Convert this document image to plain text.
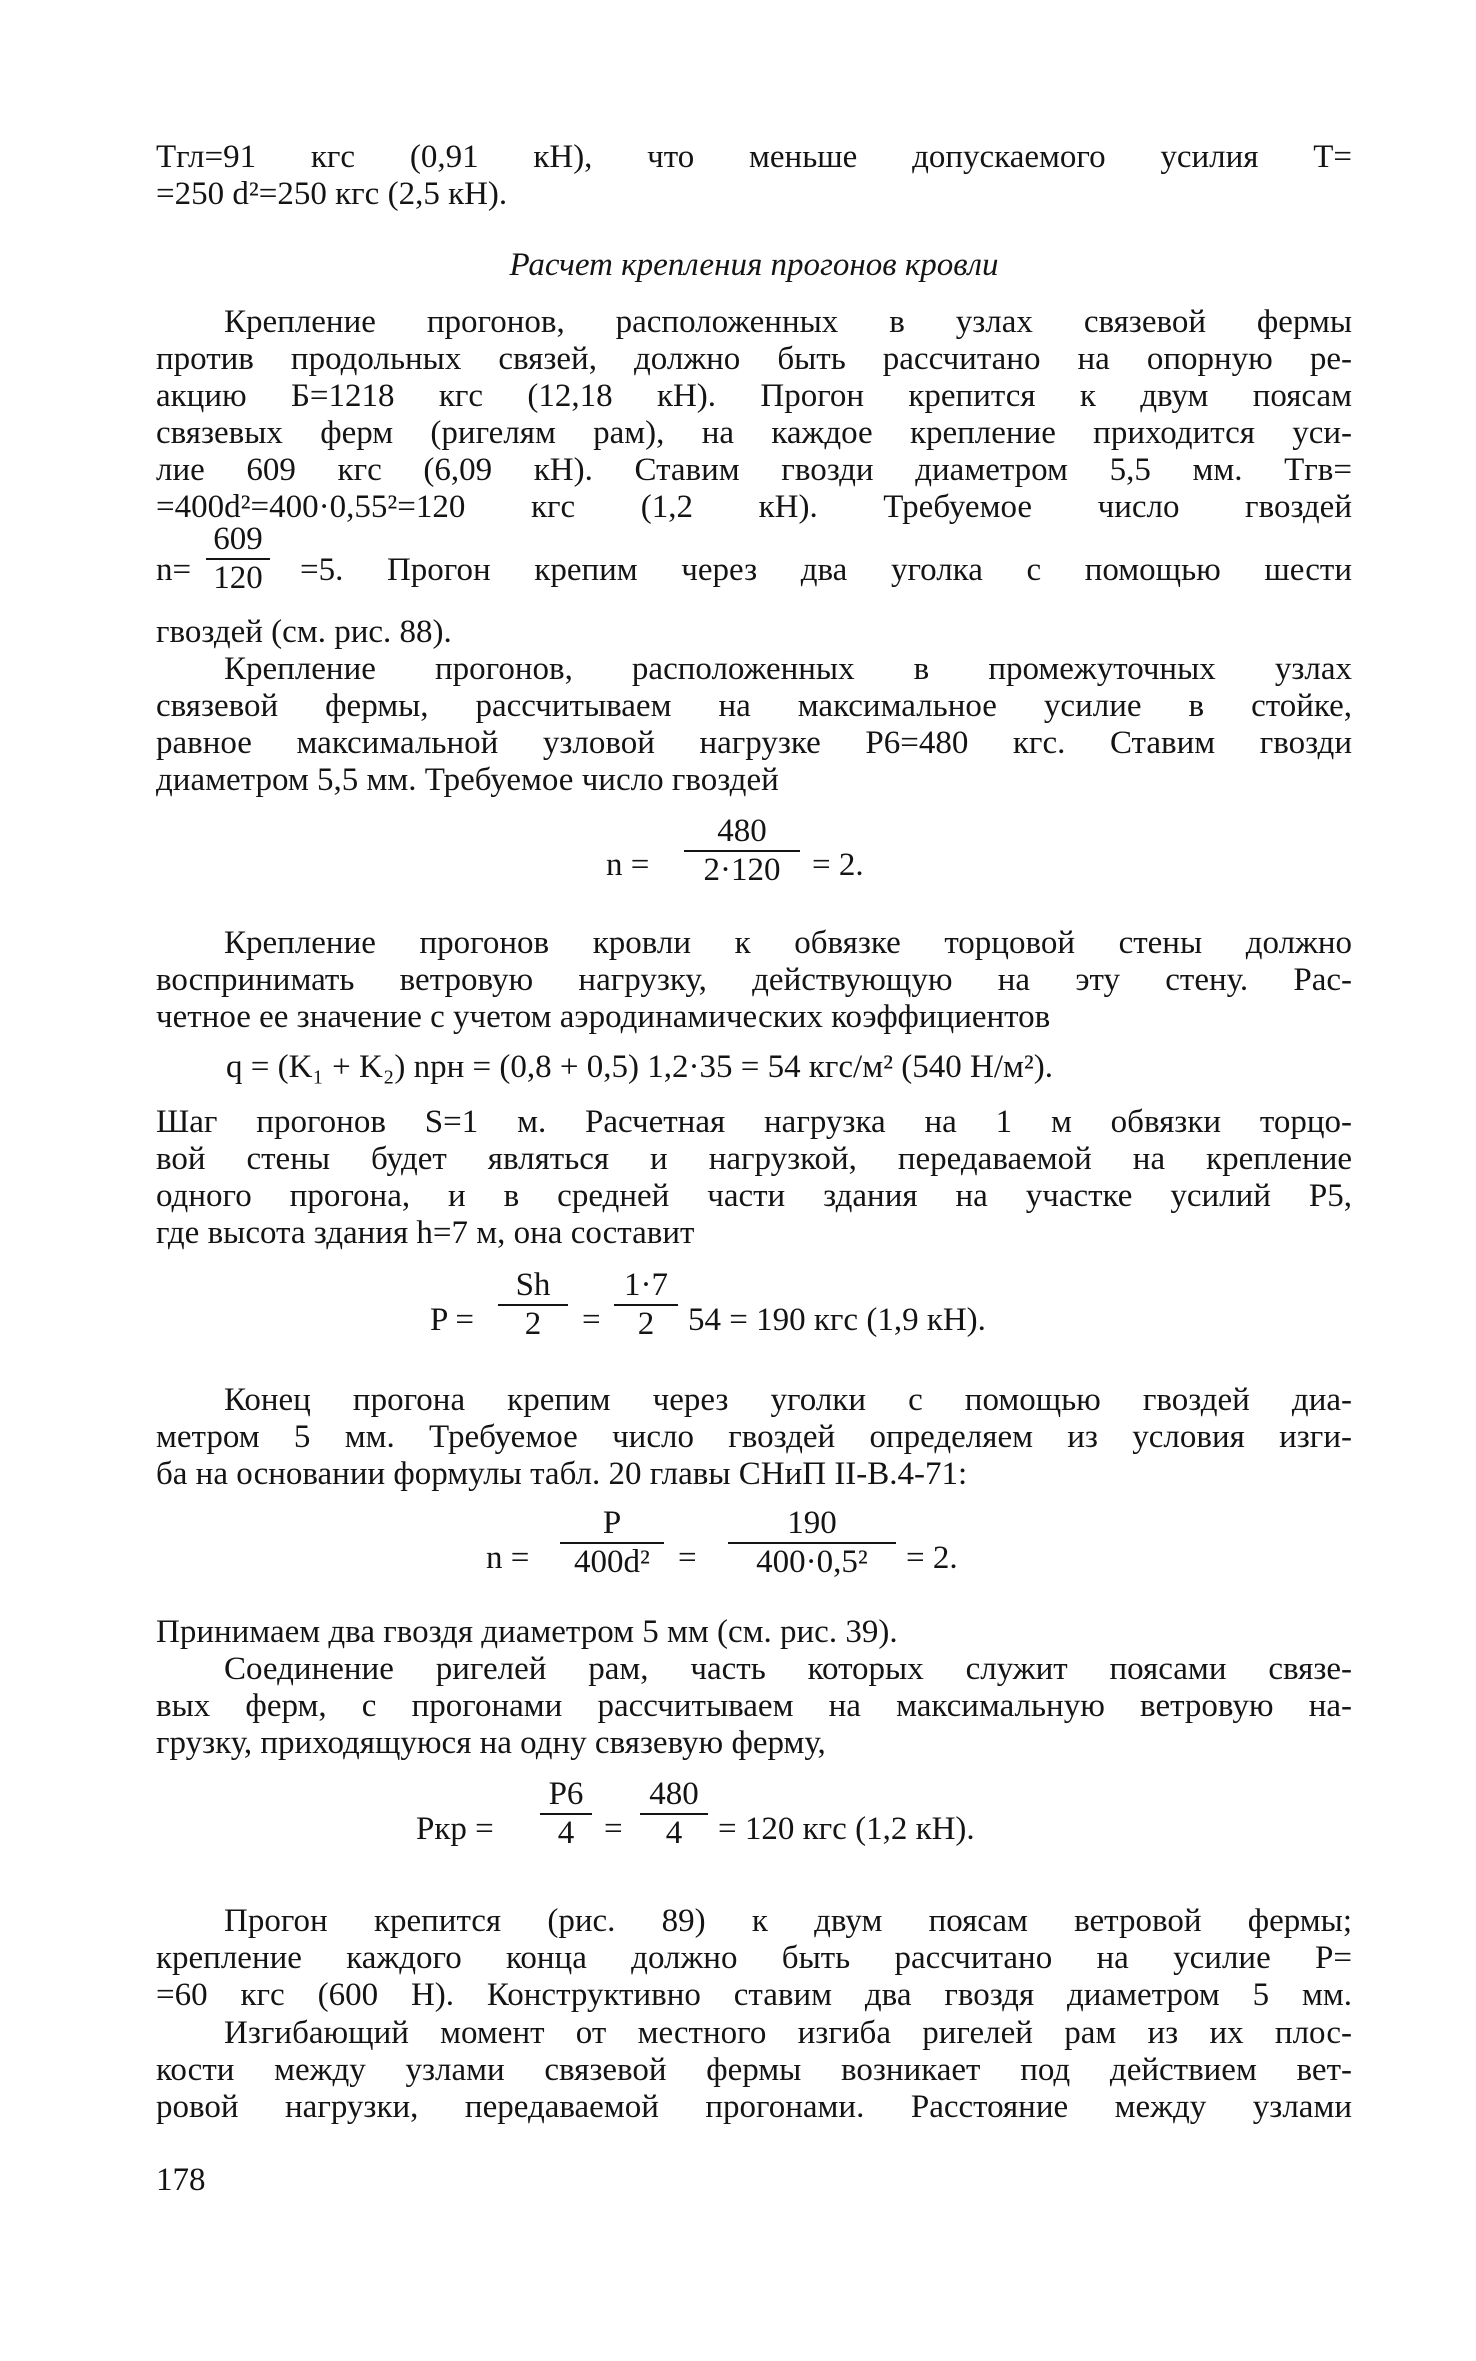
Tгл=91 кгс (0,91 кН), что меньше допускаемого усилия T=
=250 d²=250 кгс (2,5 кН).
Расчет крепления прогонов кровли
Крепление прогонов, расположенных в узлах связевой фермы
против продольных связей, должно быть рассчитано на опорную ре-
акцию Б=1218 кгс (12,18 кН). Прогон крепится к двум поясам
связевых ферм (ригелям рам), на каждое крепление приходится уси-
лие 609 кгс (6,09 кН). Ставим гвозди диаметром 5,5 мм. Tгв=
=400d²=400·0,55²=120 кгс (1,2 кН). Требуемое число гвоздей
n=
609
120 =5. Прогон крепим через два уголка с помощью шести
гвоздей (см. рис. 88).
Крепление прогонов, расположенных в промежуточных узлах
связевой фермы, рассчитываем на максимальное усилие в стойке,
равное максимальной узловой нагрузке P6=480 кгс. Ставим гвозди
диаметром 5,5 мм. Требуемое число гвоздей
n =
480
2·120 = 2.
Крепление прогонов кровли к обвязке торцовой стены должно
воспринимать ветровую нагрузку, действующую на эту стену. Рас-
четное ее значение с учетом аэродинамических коэффициентов
q = (K₁ + K₂) npн = (0,8 + 0,5) 1,2·35 = 54 кгс/м² (540 Н/м²).
Шаг прогонов S=1 м. Расчетная нагрузка на 1 м обвязки торцо-
вой стены будет являться и нагрузкой, передаваемой на крепление
одного прогона, и в средней части здания на участке усилий P5,
где высота здания h=7 м, она составит
P =
Sh
2	=
1·7
2	54 = 190 кгс (1,9 кН).
Конец прогона крепим через уголки с помощью гвоздей диа-
метром 5 мм. Требуемое число гвоздей определяем из условия изги-
ба на основании формулы табл. 20 главы СНиП II-В.4-71:
n =
P
400d² =
190
400·0,5²	= 2.
Принимаем два гвоздя диаметром 5 мм (см. рис. 39).
Соединение ригелей рам, часть которых служит поясами связе-
вых ферм, с прогонами рассчитываем на максимальную ветровую на-
грузку, приходящуюся на одну связевую ферму,
Pкр =
P6
4 =
480
4	= 120 кгс (1,2 кН).
Прогон крепится (рис. 89) к двум поясам ветровой фермы;
крепление каждого конца должно быть рассчитано на усилие P=
=60 кгс (600 Н). Конструктивно ставим два гвоздя диаметром 5 мм.
Изгибающий момент от местного изгиба ригелей рам из их плос-
кости между узлами связевой фермы возникает под действием вет-
ровой нагрузки, передаваемой прогонами. Расстояние между узлами
178
